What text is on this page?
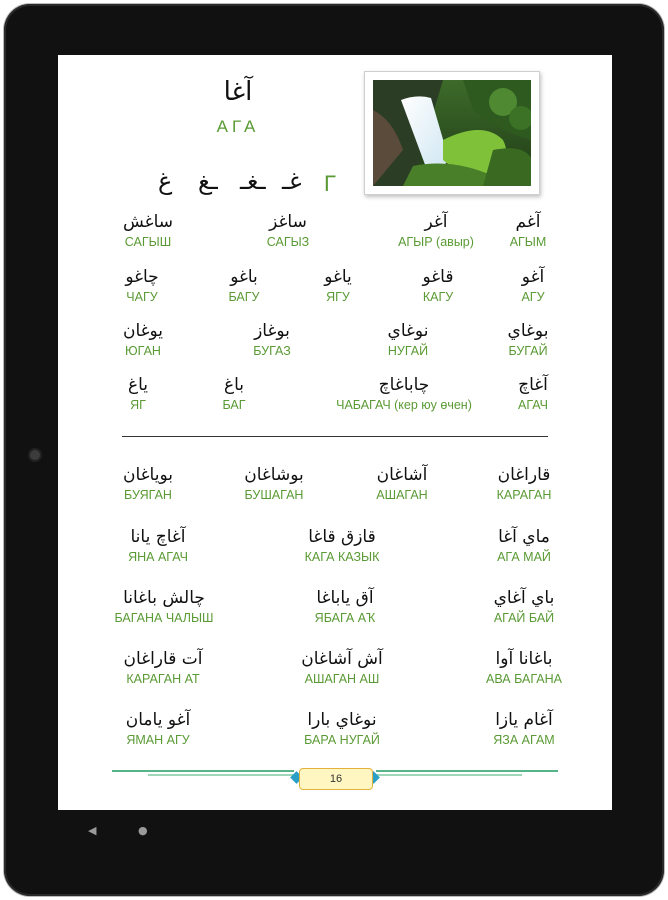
◀	●
آغا
АГА
غ ـغ ـغـ غـ Г
آغم
АГЫМ
آغر
АГЫР (авыр)
ساغز
САГЫЗ
ساغش
САГЫШ
آغو
АГУ
قاغو
КАГУ
ياغو
ЯГУ
باغو
БАГУ
چاغو
ЧАГУ
بوغاي
БУГАЙ
نوغاي
НУГАЙ
بوغاز
БУГАЗ
يوغان
ЮГАН
آغاچ
АГАЧ
چاباغاچ
ЧАБАГАЧ (кер юу өчен)
باغ
БАГ
ياغ
ЯГ
قاراغان
КАРАГАН
آشاغان
АШАГАН
بوشاغان
БУШАГАН
بوياغان
БУЯГАН
ماي آغا
АГА МАЙ
قازق قاغا
КАГА КАЗЫК
آغاچ يانا
ЯНА АГАЧ
باي آغاي
АГАЙ БАЙ
آق ياباغا
ЯБАГА АҠ
چالش باغانا
БАГАНА ЧАЛЫШ
باغانا آوا
АВА БАГАНА
آش آشاغان
АШАГАН АШ
آت قاراغان
КАРАГАН АТ
آغام يازا
ЯЗА АГАМ
نوغاي بارا
БАРА НУГАЙ
آغو يامان
ЯМАН АГУ
16
